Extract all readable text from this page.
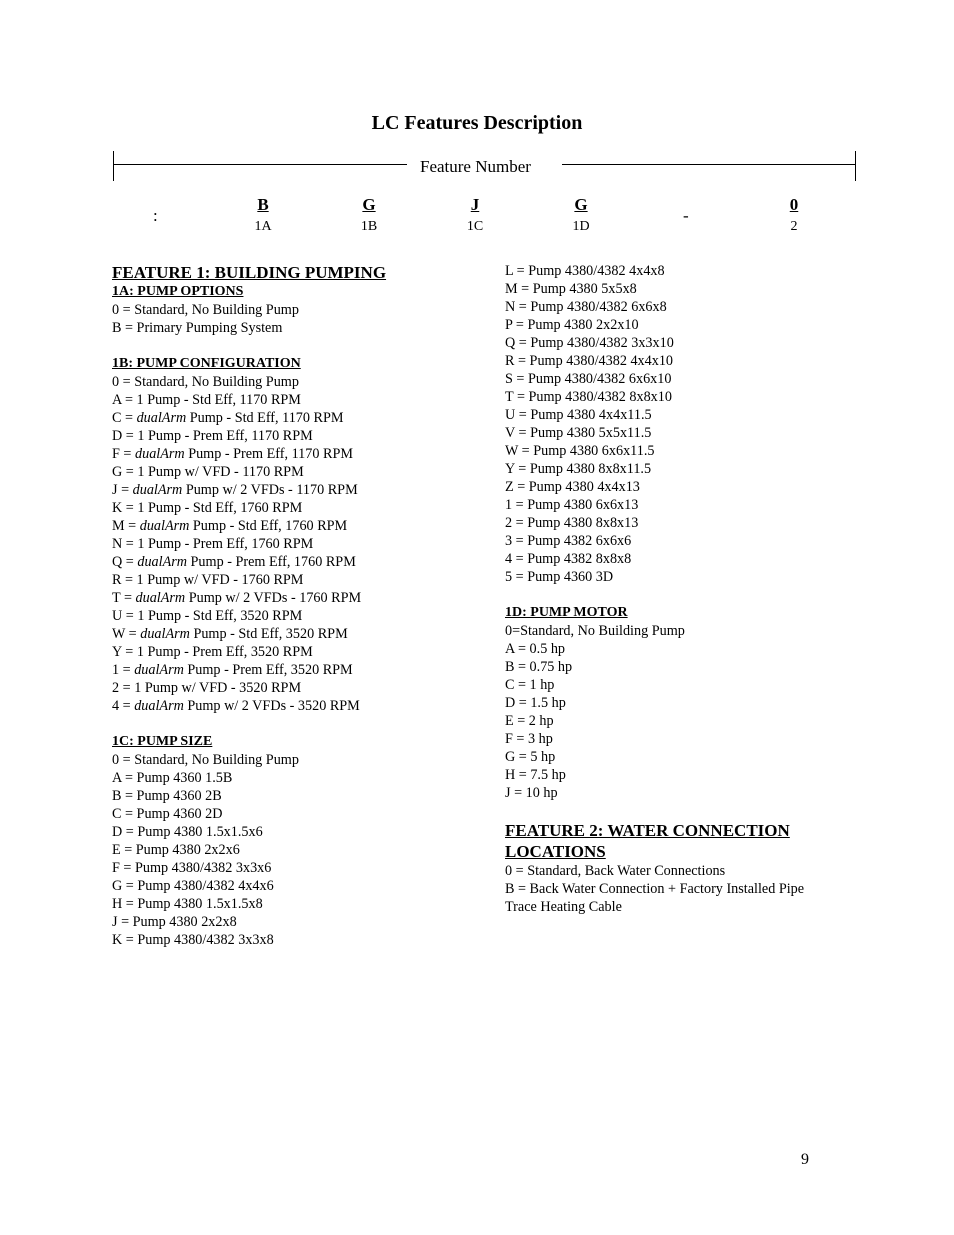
LC Features Description
Feature Number
:	-
B
1A
G
1B
J
1C
G
1D
0
2
FEATURE 1: BUILDING PUMPING
1A: PUMP OPTIONS
0 = Standard, No Building Pump
B = Primary Pumping System
1B: PUMP CONFIGURATION
0 = Standard, No Building Pump
A = 1 Pump - Std Eff, 1170 RPM
C = dualArm Pump - Std Eff, 1170 RPM
D = 1 Pump - Prem Eff, 1170 RPM
F = dualArm Pump - Prem Eff, 1170 RPM
G = 1 Pump w/ VFD - 1170 RPM
J = dualArm Pump w/ 2 VFDs - 1170 RPM
K = 1 Pump - Std Eff, 1760 RPM
M = dualArm Pump - Std Eff, 1760 RPM
N = 1 Pump - Prem Eff, 1760 RPM
Q = dualArm Pump - Prem Eff, 1760 RPM
R = 1 Pump w/ VFD - 1760 RPM
T = dualArm Pump w/ 2 VFDs - 1760 RPM
U = 1 Pump - Std Eff, 3520 RPM
W = dualArm Pump - Std Eff, 3520 RPM
Y = 1 Pump - Prem Eff, 3520 RPM
1 = dualArm Pump - Prem Eff, 3520 RPM
2 = 1 Pump w/ VFD - 3520 RPM
4 = dualArm Pump w/ 2 VFDs - 3520 RPM
1C: PUMP SIZE
0 = Standard, No Building Pump
A = Pump 4360 1.5B
B = Pump 4360 2B
C = Pump 4360 2D
D = Pump 4380 1.5x1.5x6
E = Pump 4380 2x2x6
F = Pump 4380/4382 3x3x6
G = Pump 4380/4382 4x4x6
H = Pump 4380 1.5x1.5x8
J = Pump 4380 2x2x8
K = Pump 4380/4382 3x3x8
L = Pump 4380/4382 4x4x8
M = Pump 4380 5x5x8
N = Pump 4380/4382 6x6x8
P = Pump 4380 2x2x10
Q = Pump 4380/4382 3x3x10
R = Pump 4380/4382 4x4x10
S = Pump 4380/4382 6x6x10
T = Pump 4380/4382 8x8x10
U = Pump 4380 4x4x11.5
V = Pump 4380 5x5x11.5
W = Pump 4380 6x6x11.5
Y = Pump 4380 8x8x11.5
Z = Pump 4380 4x4x13
1 = Pump 4380 6x6x13
2 = Pump 4380 8x8x13
3 = Pump 4382 6x6x6
4 = Pump 4382 8x8x8
5 = Pump 4360 3D
1D: PUMP MOTOR
0=Standard, No Building Pump
A = 0.5 hp
B = 0.75 hp
C = 1 hp
D = 1.5 hp
E = 2 hp
F = 3 hp
G = 5 hp
H = 7.5 hp
J = 10 hp
FEATURE 2: WATER CONNECTION
LOCATIONS
0 = Standard, Back Water Connections
B = Back Water Connection + Factory Installed Pipe
Trace Heating Cable
9
